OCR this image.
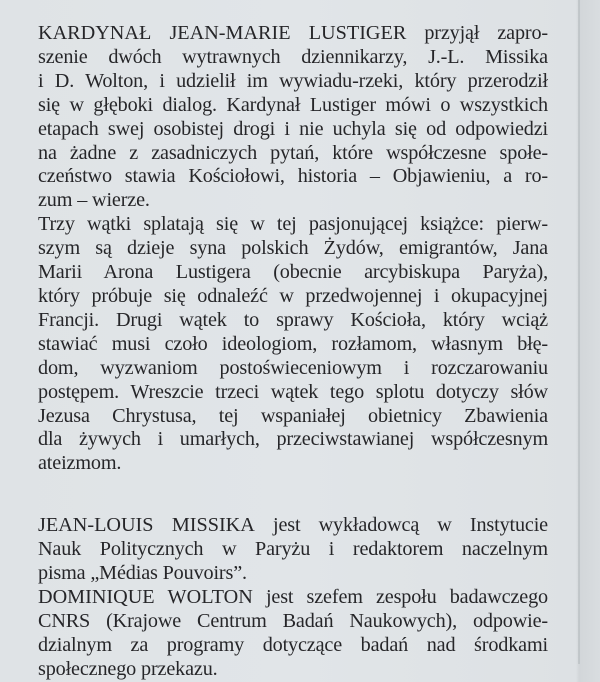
KARDYNAŁ JEAN-MARIE LUSTIGER przyjął zapro-
szenie dwóch wytrawnych dziennikarzy, J.-L. Missika
i D. Wolton, i udzielił im wywiadu-rzeki, który przerodził
się w głęboki dialog. Kardynał Lustiger mówi o wszystkich
etapach swej osobistej drogi i nie uchyla się od odpowiedzi
na żadne z zasadniczych pytań, które współczesne społe-
czeństwo stawia Kościołowi, historia – Objawieniu, a ro-
zum – wierze.
Trzy wątki splatają się w tej pasjonującej książce: pierw-
szym są dzieje syna polskich Żydów, emigrantów, Jana
Marii Arona Lustigera (obecnie arcybiskupa Paryża),
który próbuje się odnaleźć w przedwojennej i okupacyjnej
Francji. Drugi wątek to sprawy Kościoła, który wciąż
stawiać musi czoło ideologiom, rozłamom, własnym błę-
dom, wyzwaniom postoświeceniowym i rozczarowaniu
postępem. Wreszcie trzeci wątek tego splotu dotyczy słów
Jezusa Chrystusa, tej wspaniałej obietnicy Zbawienia
dla żywych i umarłych, przeciwstawianej współczesnym
ateizmom.
JEAN-LOUIS MISSIKA jest wykładowcą w Instytucie
Nauk Politycznych w Paryżu i redaktorem naczelnym
pisma „Médias Pouvoirs”.
DOMINIQUE WOLTON jest szefem zespołu badawczego
CNRS (Krajowe Centrum Badań Naukowych), odpowie-
dzialnym za programy dotyczące badań nad środkami
społecznego przekazu.
